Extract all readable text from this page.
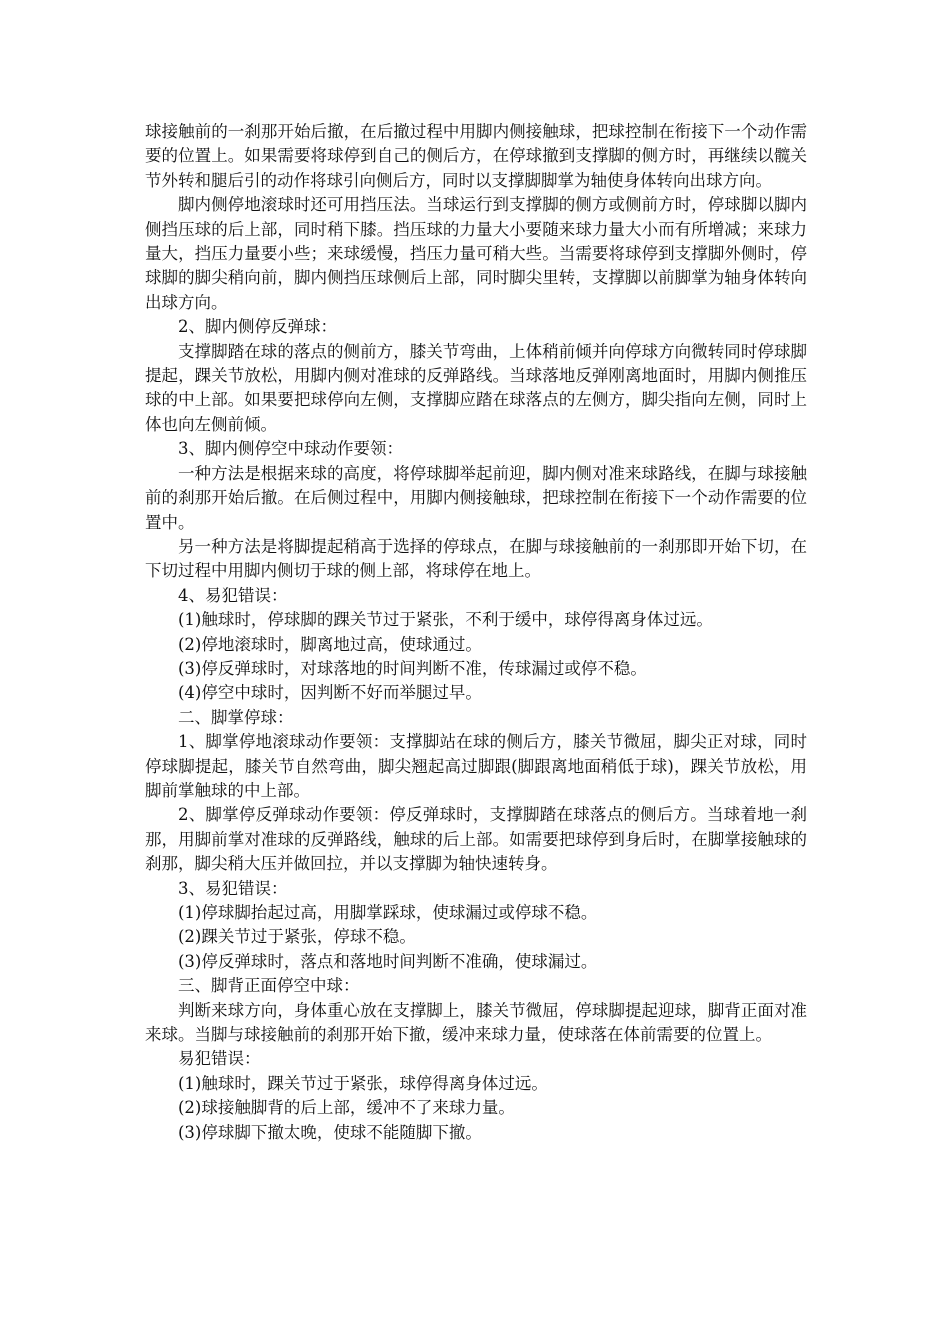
球接触前的一刹那开始后撤，在后撤过程中用脚内侧接触球，把球控制在衔接下一个动作需要的位置上。如果需要将球停到自己的侧后方，在停球撤到支撑脚的侧方时，再继续以髋关节外转和腿后引的动作将球引向侧后方，同时以支撑脚脚掌为轴使身体转向出球方向。

脚内侧停地滚球时还可用挡压法。当球运行到支撑脚的侧方或侧前方时，停球脚以脚内侧挡压球的后上部，同时稍下膝。挡压球的力量大小要随来球力量大小而有所增减；来球力量大，挡压力量要小些；来球缓慢，挡压力量可稍大些。当需要将球停到支撑脚外侧时，停球脚的脚尖稍向前，脚内侧挡压球侧后上部，同时脚尖里转，支撑脚以前脚掌为轴身体转向出球方向。

2、脚内侧停反弹球：

支撑脚踏在球的落点的侧前方，膝关节弯曲，上体稍前倾并向停球方向微转同时停球脚提起，踝关节放松，用脚内侧对准球的反弹路线。当球落地反弹刚离地面时，用脚内侧推压球的中上部。如果要把球停向左侧，支撑脚应踏在球落点的左侧方，脚尖指向左侧，同时上体也向左侧前倾。

3、脚内侧停空中球动作要领：

一种方法是根据来球的高度，将停球脚举起前迎，脚内侧对准来球路线，在脚与球接触前的刹那开始后撤。在后侧过程中，用脚内侧接触球，把球控制在衔接下一个动作需要的位置中。

另一种方法是将脚提起稍高于选择的停球点，在脚与球接触前的一刹那即开始下切，在下切过程中用脚内侧切于球的侧上部，将球停在地上。

4、易犯错误：

(1)触球时，停球脚的踝关节过于紧张，不利于缓中，球停得离身体过远。

(2)停地滚球时，脚离地过高，使球通过。

(3)停反弹球时，对球落地的时间判断不准，传球漏过或停不稳。

(4)停空中球时，因判断不好而举腿过早。

二、脚掌停球：

1、脚掌停地滚球动作要领：支撑脚站在球的侧后方，膝关节微屈，脚尖正对球，同时停球脚提起，膝关节自然弯曲，脚尖翘起高过脚跟(脚跟离地面稍低于球)，踝关节放松，用脚前掌触球的中上部。

2、脚掌停反弹球动作要领：停反弹球时，支撑脚踏在球落点的侧后方。当球着地一刹那，用脚前掌对准球的反弹路线，触球的后上部。如需要把球停到身后时，在脚掌接触球的刹那，脚尖稍大压并做回拉，并以支撑脚为轴快速转身。

3、易犯错误：

(1)停球脚抬起过高，用脚掌踩球，使球漏过或停球不稳。

(2)踝关节过于紧张，停球不稳。

(3)停反弹球时，落点和落地时间判断不准确，使球漏过。

三、脚背正面停空中球：

判断来球方向，身体重心放在支撑脚上，膝关节微屈，停球脚提起迎球，脚背正面对准来球。当脚与球接触前的刹那开始下撤，缓冲来球力量，使球落在体前需要的位置上。

易犯错误：

(1)触球时，踝关节过于紧张，球停得离身体过远。

(2)球接触脚背的后上部，缓冲不了来球力量。

(3)停球脚下撤太晚，使球不能随脚下撤。
